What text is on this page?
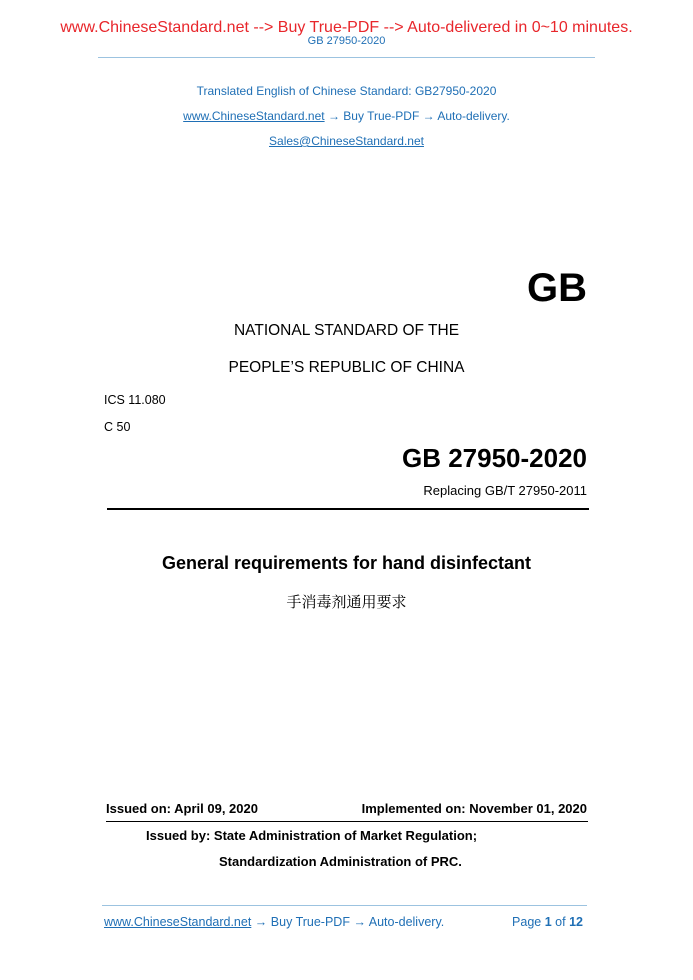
www.ChineseStandard.net --> Buy True-PDF --> Auto-delivered in 0~10 minutes.
GB 27950-2020
Translated English of Chinese Standard: GB27950-2020
www.ChineseStandard.net → Buy True-PDF → Auto-delivery.
Sales@ChineseStandard.net
GB
NATIONAL STANDARD OF THE
PEOPLE’S REPUBLIC OF CHINA
ICS 11.080
C 50
GB 27950-2020
Replacing GB/T 27950-2011
General requirements for hand disinfectant
手消毒剂通用要求
Issued on: April 09, 2020	Implemented on: November 01, 2020
Issued by: State Administration of Market Regulation;
Standardization Administration of PRC.
www.ChineseStandard.net → Buy True-PDF → Auto-delivery.	Page 1 of 12
